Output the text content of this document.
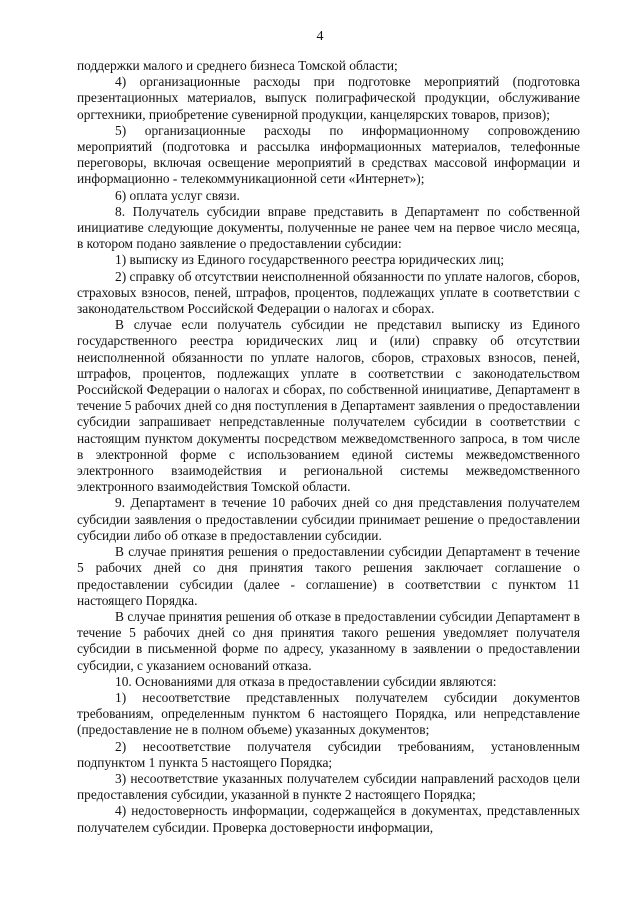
4

поддержки малого и среднего бизнеса Томской области;

4) организационные расходы при подготовке мероприятий (подготовка презентационных материалов, выпуск полиграфической продукции, обслуживание оргтехники, приобретение сувенирной продукции, канцелярских товаров, призов);

5) организационные расходы по информационному сопровождению мероприятий (подготовка и рассылка информационных материалов, телефонные переговоры, включая освещение мероприятий в средствах массовой информации и информационно - телекоммуникационной сети «Интернет»);

6) оплата услуг связи.

8. Получатель субсидии вправе представить в Департамент по собственной инициативе следующие документы, полученные не ранее чем на первое число месяца, в котором подано заявление о предоставлении субсидии:

1) выписку из Единого государственного реестра юридических лиц;

2) справку об отсутствии неисполненной обязанности по уплате налогов, сборов, страховых взносов, пеней, штрафов, процентов, подлежащих уплате в соответствии с законодательством Российской Федерации о налогах и сборах.

В случае если получатель субсидии не представил выписку из Единого государственного реестра юридических лиц и (или) справку об отсутствии неисполненной обязанности по уплате налогов, сборов, страховых взносов, пеней, штрафов, процентов, подлежащих уплате в соответствии с законодательством Российской Федерации о налогах и сборах, по собственной инициативе, Департамент в течение 5 рабочих дней со дня поступления в Департамент заявления о предоставлении субсидии запрашивает непредставленные получателем субсидии в соответствии с настоящим пунктом документы посредством межведомственного запроса, в том числе в электронной форме с использованием единой системы межведомственного электронного взаимодействия и региональной системы межведомственного электронного взаимодействия Томской области.

9. Департамент в течение 10 рабочих дней со дня представления получателем субсидии заявления о предоставлении субсидии принимает решение о предоставлении субсидии либо об отказе в предоставлении субсидии.

В случае принятия решения о предоставлении субсидии Департамент в течение 5 рабочих дней со дня принятия такого решения заключает соглашение о предоставлении субсидии (далее - соглашение) в соответствии с пунктом 11 настоящего Порядка.

В случае принятия решения об отказе в предоставлении субсидии Департамент в течение 5 рабочих дней со дня принятия такого решения уведомляет получателя субсидии в письменной форме по адресу, указанному в заявлении о предоставлении субсидии, с указанием оснований отказа.

10. Основаниями для отказа в предоставлении субсидии являются:

1) несоответствие представленных получателем субсидии документов требованиям, определенным пунктом 6 настоящего Порядка, или непредставление (предоставление не в полном объеме) указанных документов;

2) несоответствие получателя субсидии требованиям, установленным подпунктом 1 пункта 5 настоящего Порядка;

3) несоответствие указанных получателем субсидии направлений расходов цели предоставления субсидии, указанной в пункте 2 настоящего Порядка;

4) недостоверность информации, содержащейся в документах, представленных получателем субсидии. Проверка достоверности информации,
